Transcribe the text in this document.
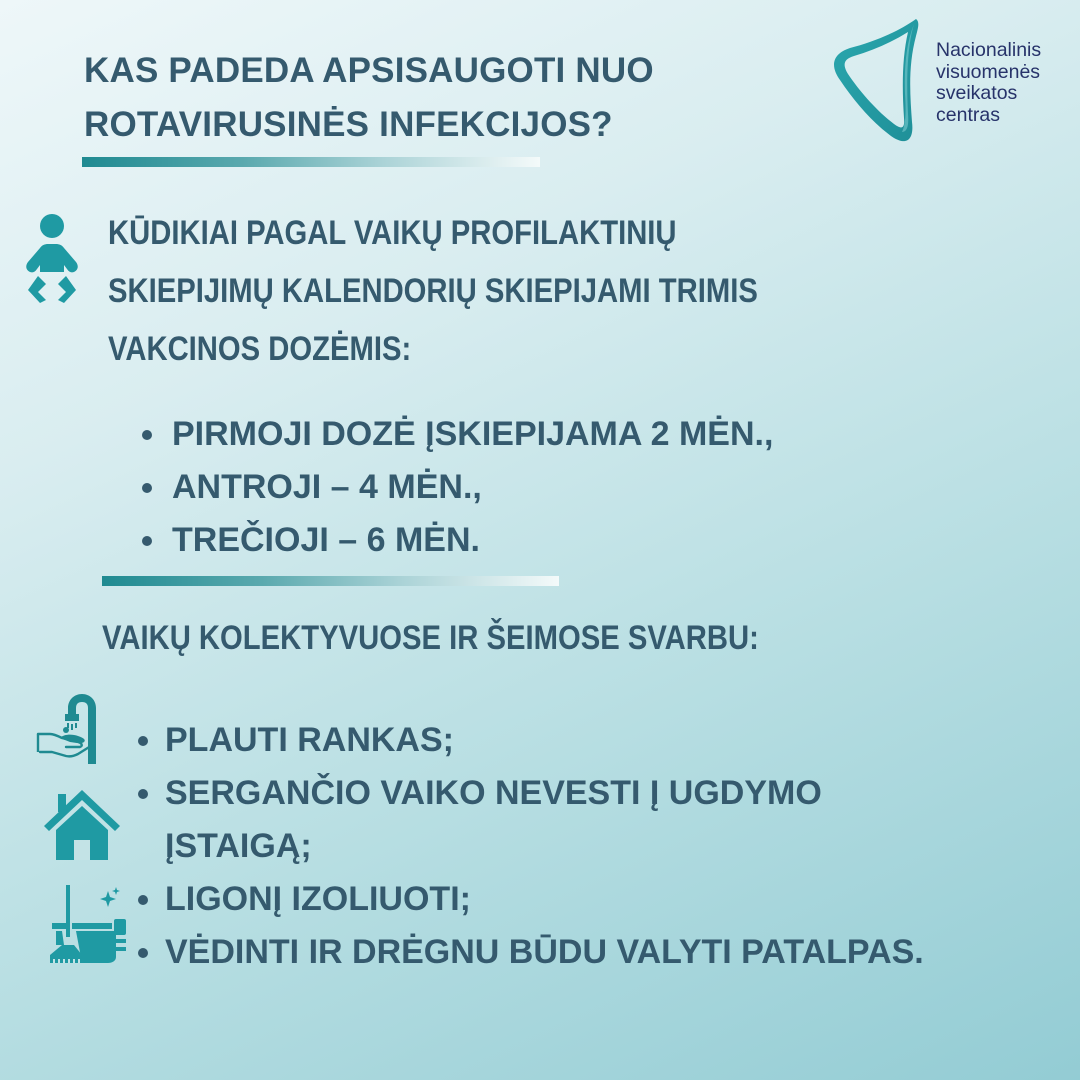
KAS PADEDA APSISAUGOTI NUO
ROTAVIRUSINĖS INFEKCIJOS?
Nacionalinis
visuomenės
sveikatos
centras
KŪDIKIAI PAGAL VAIKŲ PROFILAKTINIŲ
SKIEPIJIMŲ KALENDORIŲ SKIEPIJAMI TRIMIS
VAKCINOS DOZĖMIS:
PIRMOJI DOZĖ ĮSKIEPIJAMA 2 MĖN.,
ANTROJI – 4 MĖN.,
TREČIOJI – 6 MĖN.
VAIKŲ KOLEKTYVUOSE IR ŠEIMOSE SVARBU:
PLAUTI RANKAS;
SERGANČIO VAIKO NEVESTI Į UGDYMO
ĮSTAIGĄ;
LIGONĮ IZOLIUOTI;
VĖDINTI IR DRĖGNU BŪDU VALYTI PATALPAS.
